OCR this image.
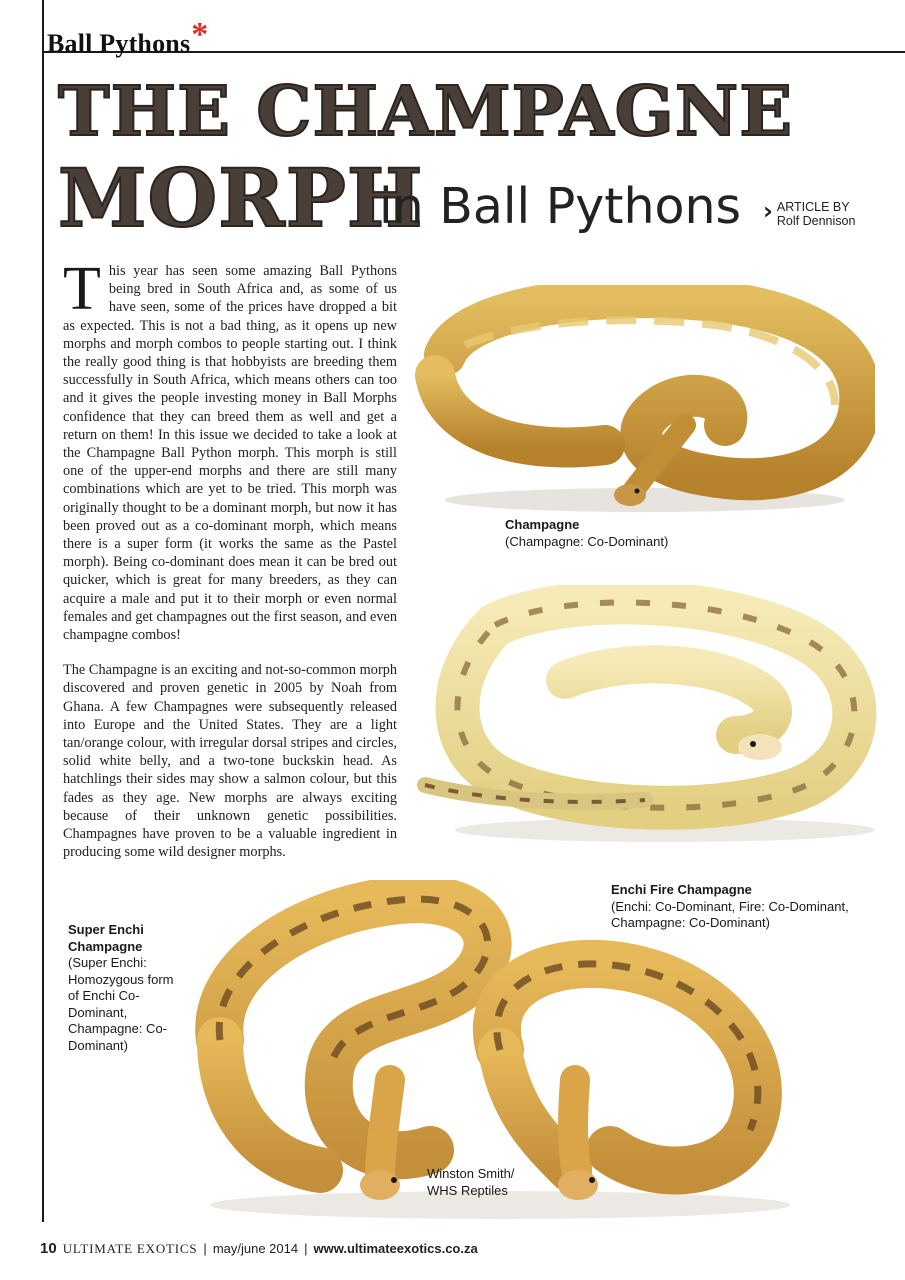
Ball Pythons*
THE CHAMPAGNE
MORPH
in Ball Pythons › ARTICLE BY
Rolf Dennison

This year has seen some amazing Ball Pythons being bred in South Africa and, as some of us have seen, some of the prices have dropped a bit as expected. This is not a bad thing, as it opens up new morphs and morph combos to people starting out. I think the really good thing is that hobbyists are breeding them successfully in South Africa, which means others can too and it gives the people investing money in Ball Morphs confidence that they can breed them as well and get a return on them! In this issue we decided to take a look at the Champagne Ball Python morph. This morph is still one of the upper-end morphs and there are still many combinations which are yet to be tried. This morph was originally thought to be a dominant morph, but now it has been proved out as a co-dominant morph, which means there is a super form (it works the same as the Pastel morph). Being co-dominant does mean it can be bred out quicker, which is great for many breeders, as they can acquire a male and put it to their morph or even normal females and get champagnes out the first season, and even champagne combos!

The Champagne is an exciting and not-so-common morph discovered and proven genetic in 2005 by Noah from Ghana. A few Champagnes were subsequently released into Europe and the United States. They are a light tan/orange colour, with irregular dorsal stripes and circles, solid white belly, and a two-tone buckskin head. As hatchlings their sides may show a salmon colour, but this fades as they age. New morphs are always exciting because of their unknown genetic possibilities. Champagnes have proven to be a valuable ingredient in producing some wild designer morphs.

Champagne
(Champagne: Co-Dominant)
Enchi Fire Champagne
(Enchi: Co-Dominant, Fire: Co-Dominant, Champagne: Co-Dominant)
Super Enchi Champagne
(Super Enchi: Homozygous form of Enchi Co-Dominant, Champagne: Co-Dominant)
Winston Smith/
WHS Reptiles
10 ULTIMATE EXOTICS | may/june 2014 | www.ultimateexotics.co.za
